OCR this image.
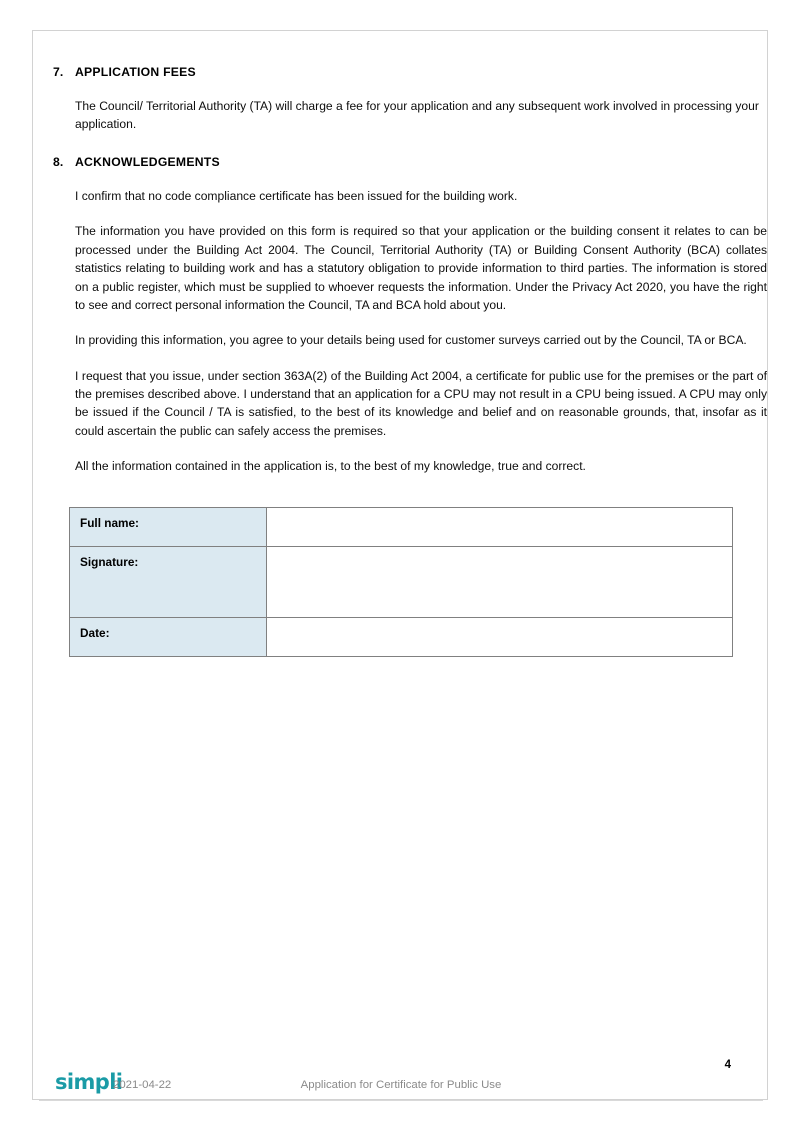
7. APPLICATION FEES

The Council/ Territorial Authority (TA) will charge a fee for your application and any subsequent work involved in processing your application.

8. ACKNOWLEDGEMENTS

I confirm that no code compliance certificate has been issued for the building work.

The information you have provided on this form is required so that your application or the building consent it relates to can be processed under the Building Act 2004. The Council, Territorial Authority (TA) or Building Consent Authority (BCA) collates statistics relating to building work and has a statutory obligation to provide information to third parties. The information is stored on a public register, which must be supplied to whoever requests the information. Under the Privacy Act 2020, you have the right to see and correct personal information the Council, TA and BCA hold about you.

In providing this information, you agree to your details being used for customer surveys carried out by the Council, TA or BCA.

I request that you issue, under section 363A(2) of the Building Act 2004, a certificate for public use for the premises or the part of the premises described above. I understand that an application for a CPU may not result in a CPU being issued. A CPU may only be issued if the Council / TA is satisfied, to the best of its knowledge and belief and on reasonable grounds, that, insofar as it could ascertain the public can safely access the premises.

All the information contained in the application is, to the best of my knowledge, true and correct.

Full name:	
Signature:	
Date:	
4
simpli
2021-04-22	Application for Certificate for Public Use
